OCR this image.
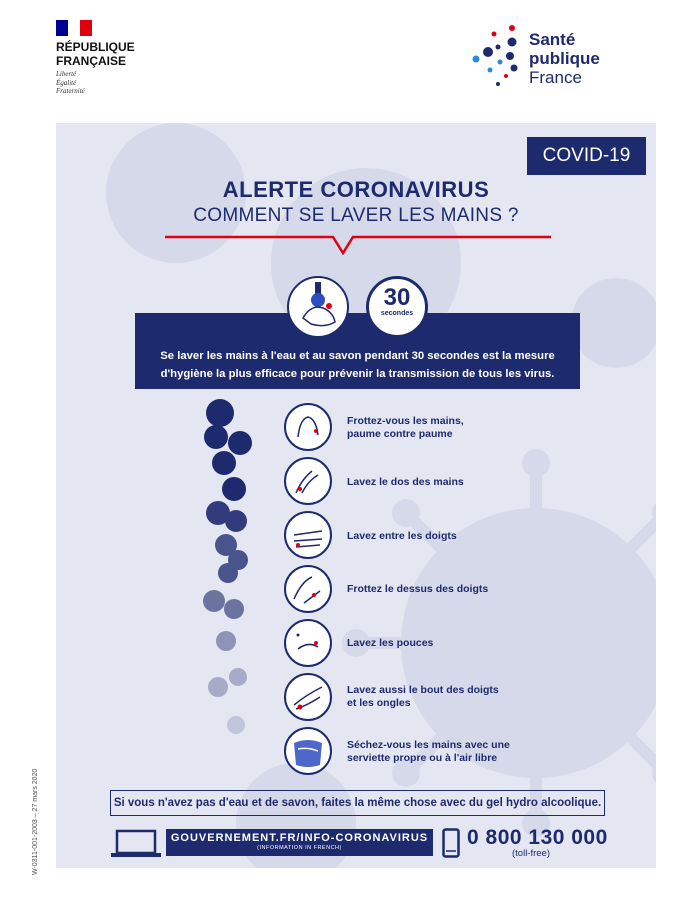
RÉPUBLIQUE
FRANÇAISE
Liberté
Égalité
Fraternité
Santé
publique
France
W-0311-001-2003 – 27 mars 2020
COVID-19
ALERTE CORONAVIRUS
COMMENT SE LAVER LES MAINS ?
Se laver les mains à l'eau et au savon pendant 30 secondes est la mesure
d'hygiène la plus efficace pour prévenir la transmission de tous les virus.
30
secondes
Frottez-vous les mains,
paume contre paume
Lavez le dos des mains
Lavez entre les doigts
Frottez le dessus des doigts
Lavez les pouces
Lavez aussi le bout des doigts
et les ongles
Séchez-vous les mains avec une
serviette propre ou à l'air libre
Si vous n'avez pas d'eau et de savon, faites la même chose avec du gel hydro alcoolique.
GOUVERNEMENT.FR/INFO-CORONAVIRUS
(INFORMATION IN FRENCH)	0 800 130 000
(toll-free)
